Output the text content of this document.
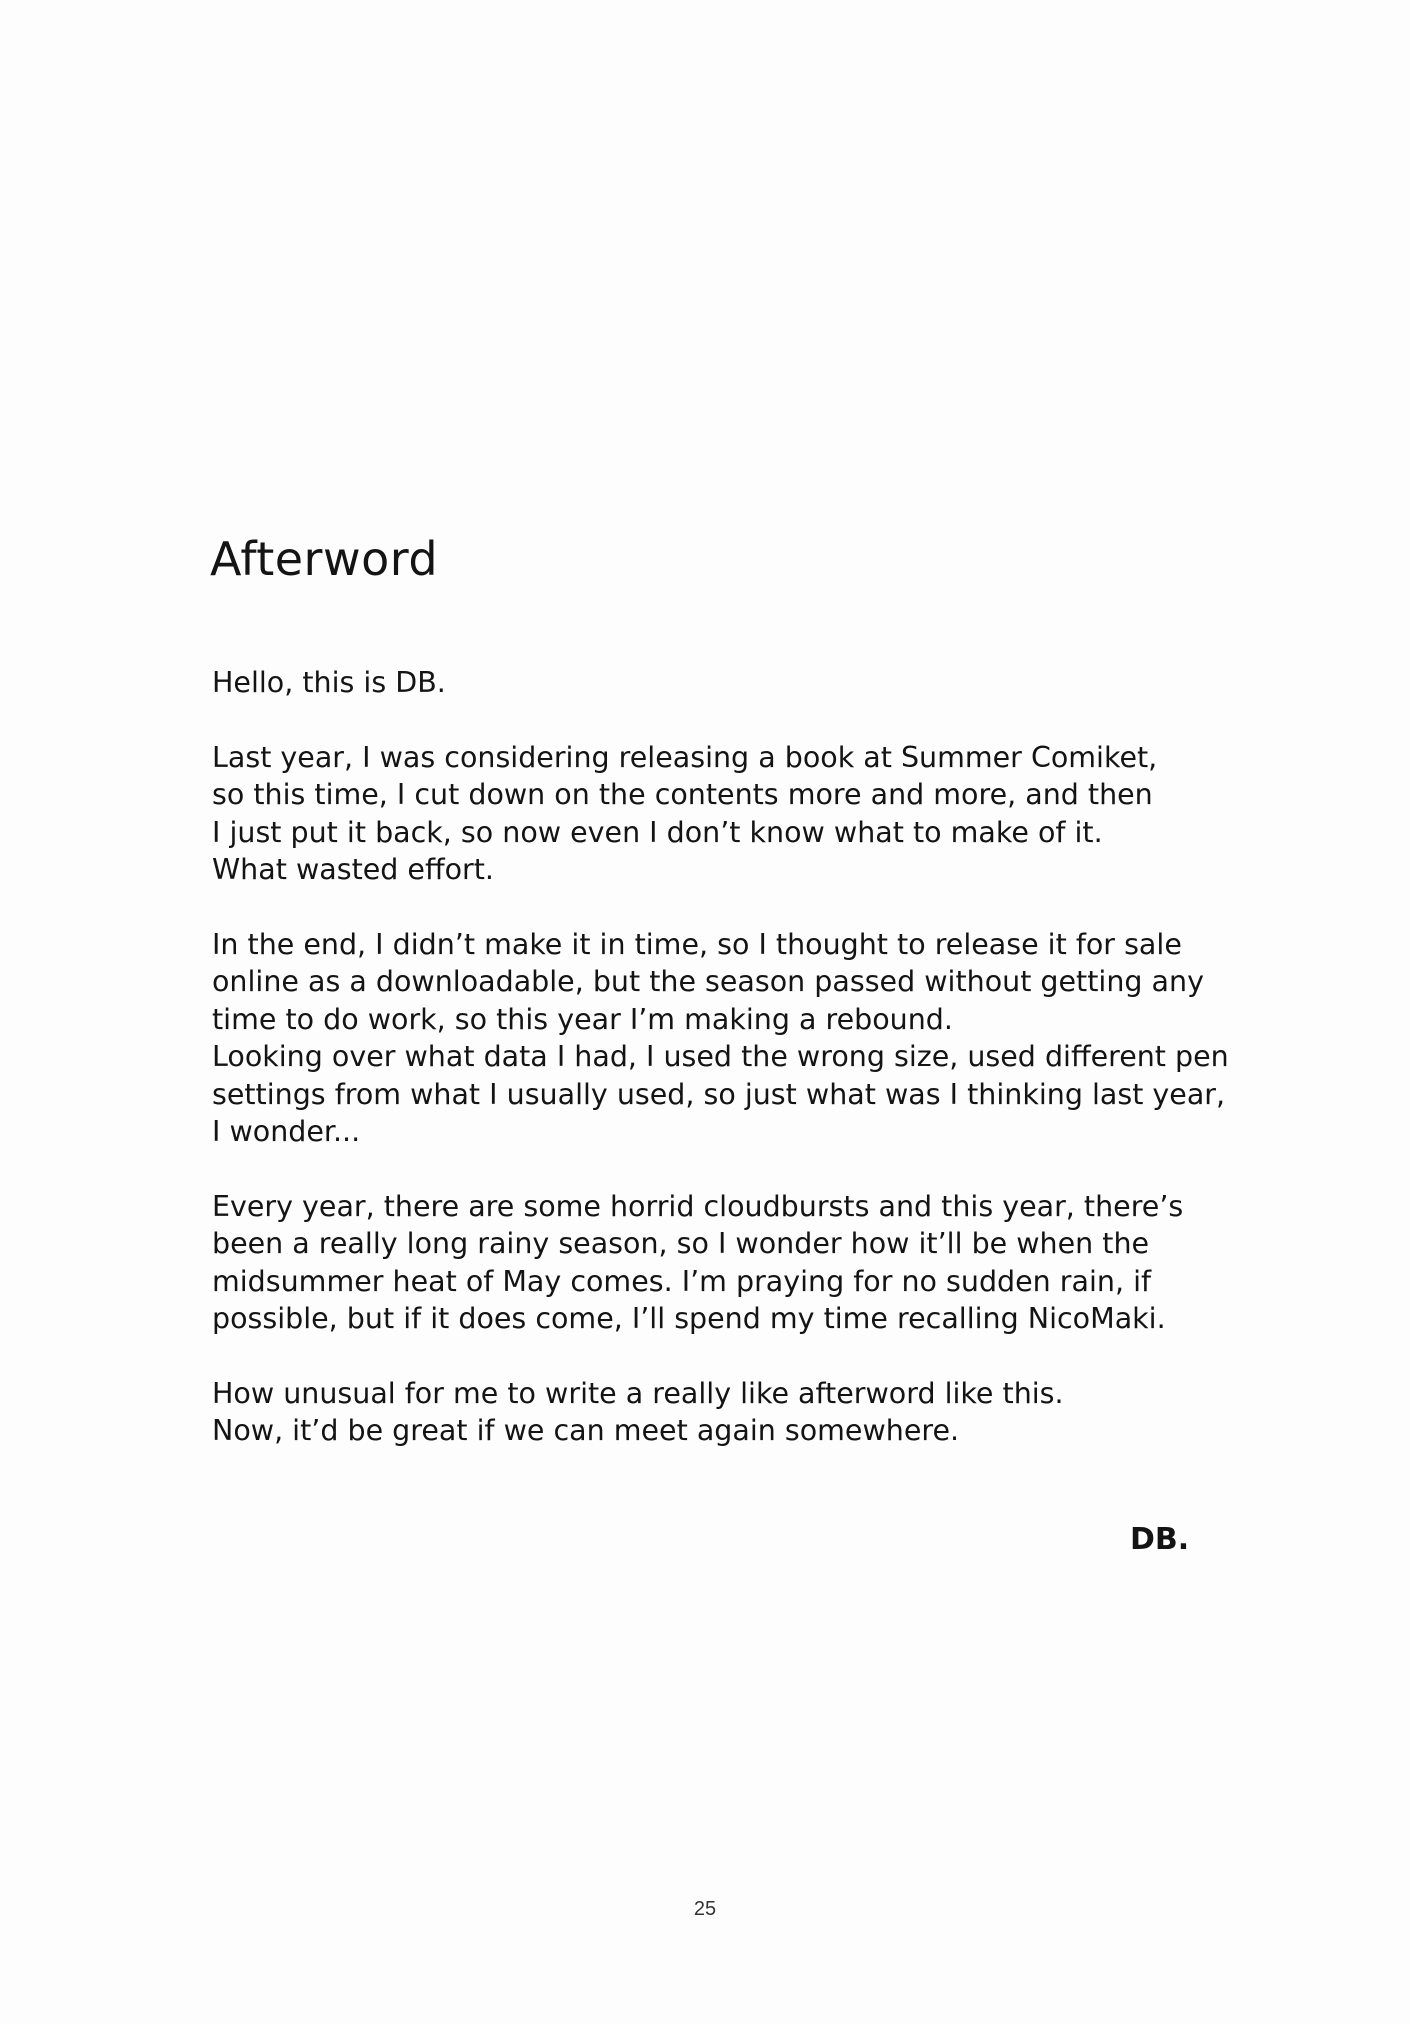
Afterword

Hello, this is DB.

Last year, I was considering releasing a book at Summer Comiket,
so this time, I cut down on the contents more and more, and then
I just put it back, so now even I don’t know what to make of it.
What wasted effort.

In the end, I didn’t make it in time, so I thought to release it for sale
online as a downloadable, but the season passed without getting any
time to do work, so this year I’m making a rebound.
Looking over what data I had, I used the wrong size, used different pen
settings from what I usually used, so just what was I thinking last year,
I wonder...

Every year, there are some horrid cloudbursts and this year, there’s
been a really long rainy season, so I wonder how it’ll be when the
midsummer heat of May comes. I’m praying for no sudden rain, if
possible, but if it does come, I’ll spend my time recalling NicoMaki.

How unusual for me to write a really like afterword like this.
Now, it’d be great if we can meet again somewhere.

DB.
25
